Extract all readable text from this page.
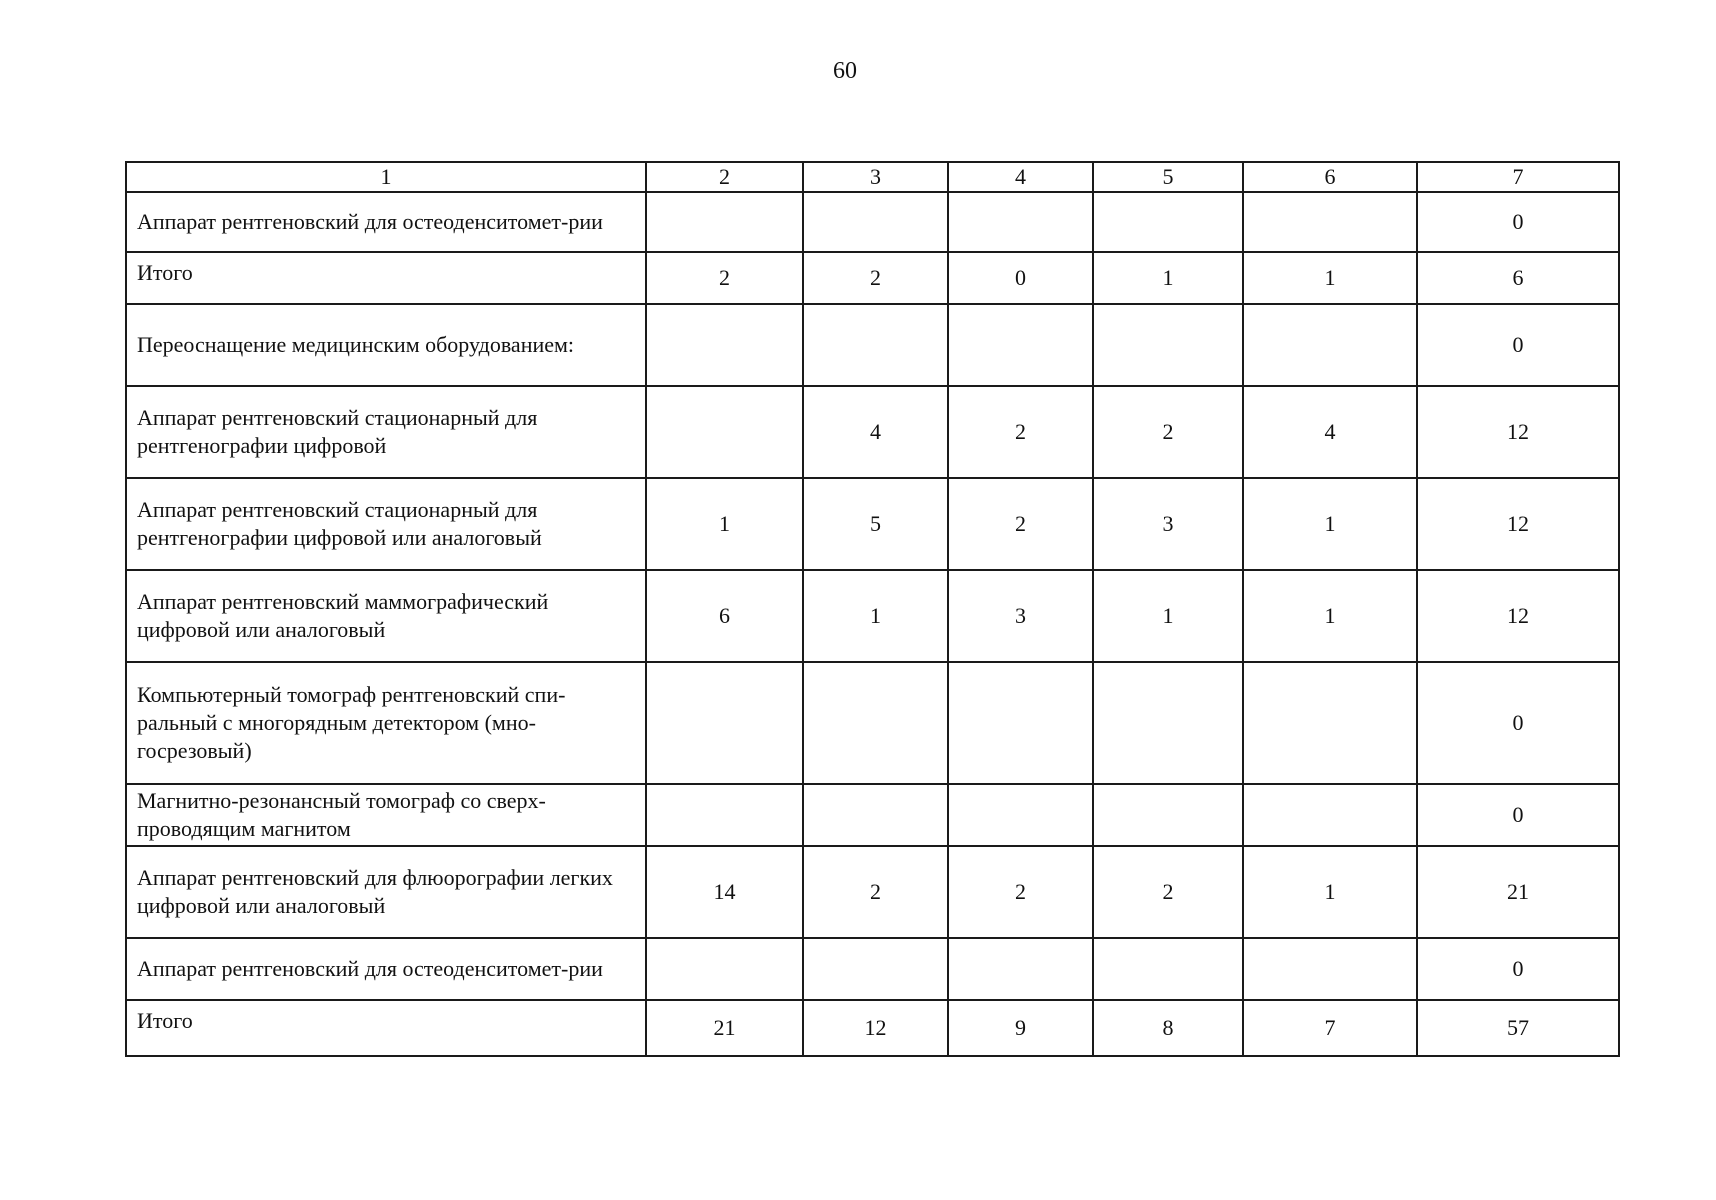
60
1	2	3	4	5	6	7
Аппарат рентгеновский для остеоденситомет-рии						0
Итого	2	2	0	1	1	6
Переоснащение медицинским оборудованием:						0
Аппарат рентгеновский стационарный для рентгенографии цифровой		4	2	2	4	12
Аппарат рентгеновский стационарный для рентгенографии цифровой или аналоговый	1	5	2	3	1	12
Аппарат рентгеновский маммографический цифровой или аналоговый	6	1	3	1	1	12
Компьютерный томограф рентгеновский спи-ральный с многорядным детектором (мно-госрезовый)						0
Магнитно-резонансный томограф со сверх-проводящим магнитом						0
Аппарат рентгеновский для флюорографии легких цифровой или аналоговый	14	2	2	2	1	21
Аппарат рентгеновский для остеоденситомет-рии						0
Итого	21	12	9	8	7	57
